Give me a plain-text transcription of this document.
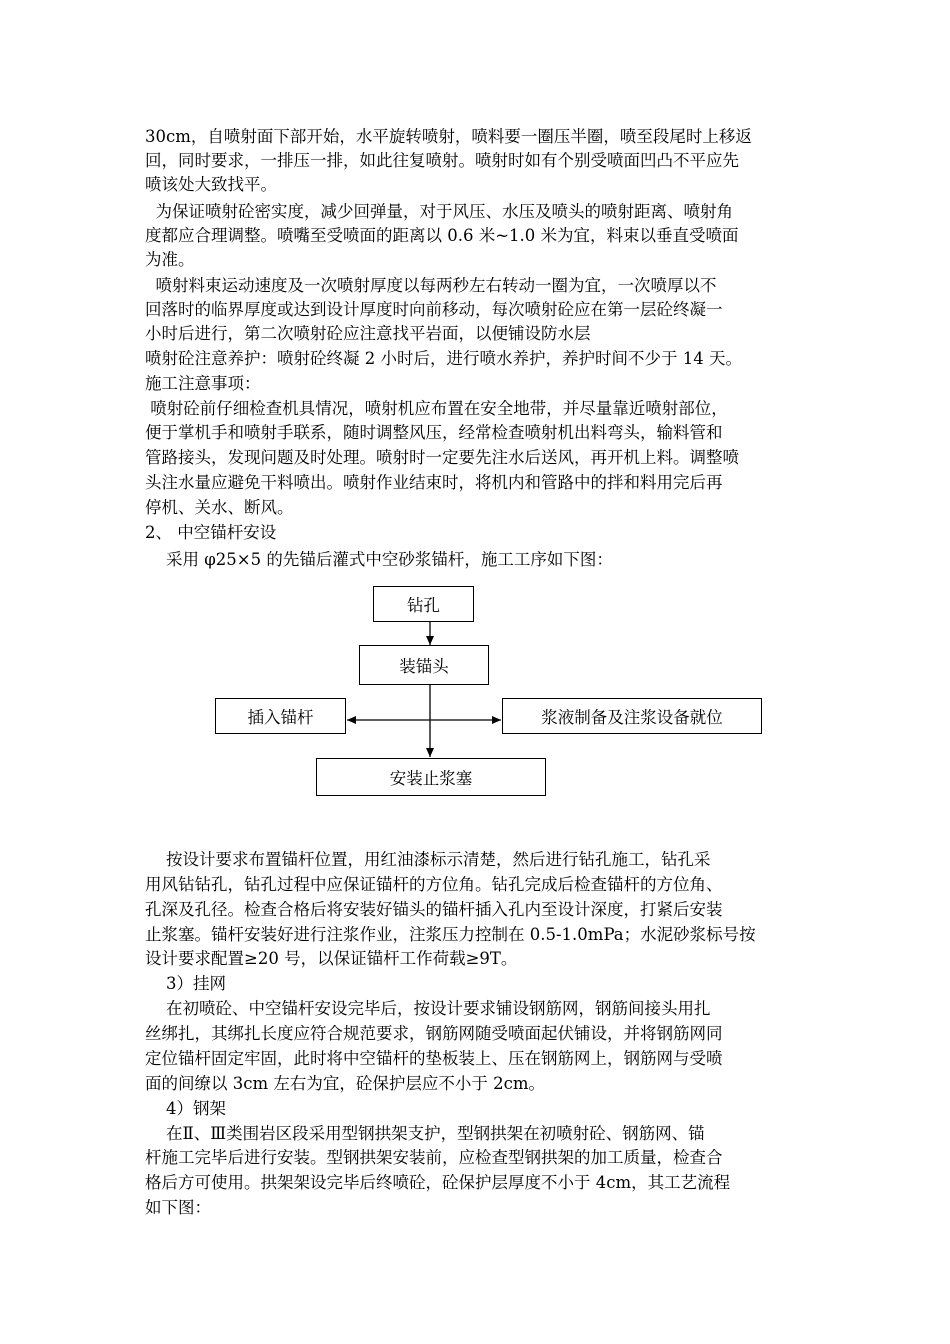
30cm，自喷射面下部开始，水平旋转喷射，喷料要一圈压半圈，喷至段尾时上移返
回，同时要求，一排压一排，如此往复喷射。喷射时如有个别受喷面凹凸不平应先
喷该处大致找平。
为保证喷射砼密实度，减少回弹量，对于风压、水压及喷头的喷射距离、喷射角
度都应合理调整。喷嘴至受喷面的距离以 0.6 米~1.0 米为宜，料束以垂直受喷面
为准。
喷射料束运动速度及一次喷射厚度以每两秒左右转动一圈为宜，一次喷厚以不
回落时的临界厚度或达到设计厚度时向前移动，每次喷射砼应在第一层砼终凝一
小时后进行，第二次喷射砼应注意找平岩面，以便铺设防水层
喷射砼注意养护：喷射砼终凝 2 小时后，进行喷水养护，养护时间不少于 14 天。
施工注意事项：
喷射砼前仔细检查机具情况，喷射机应布置在安全地带，并尽量靠近喷射部位，
便于掌机手和喷射手联系，随时调整风压，经常检查喷射机出料弯头，输料管和
管路接头，发现问题及时处理。喷射时一定要先注水后送风，再开机上料。调整喷
头注水量应避免干料喷出。喷射作业结束时，将机内和管路中的拌和料用完后再
停机、关水、断风。
2、 中空锚杆安设
采用 φ25×5 的先锚后灌式中空砂浆锚杆，施工工序如下图：
钻孔
装锚头
插入锚杆	浆液制备及注浆设备就位
安装止浆塞
按设计要求布置锚杆位置，用红油漆标示清楚，然后进行钻孔施工，钻孔采
用风钻钻孔，钻孔过程中应保证锚杆的方位角。钻孔完成后检查锚杆的方位角、
孔深及孔径。检查合格后将安装好锚头的锚杆插入孔内至设计深度，打紧后安装
止浆塞。锚杆安装好进行注浆作业，注浆压力控制在 0.5-1.0mPa；水泥砂浆标号按
设计要求配置≥20 号，以保证锚杆工作荷载≥9T。
3）挂网
在初喷砼、中空锚杆安设完毕后，按设计要求铺设钢筋网，钢筋间接头用扎
丝绑扎，其绑扎长度应符合规范要求，钢筋网随受喷面起伏铺设，并将钢筋网同
定位锚杆固定牢固，此时将中空锚杆的垫板装上、压在钢筋网上，钢筋网与受喷
面的间缭以 3cm 左右为宜，砼保护层应不小于 2cm。
4）钢架
在Ⅱ、Ⅲ类围岩区段采用型钢拱架支护，型钢拱架在初喷射砼、钢筋网、锚
杆施工完毕后进行安装。型钢拱架安装前，应检查型钢拱架的加工质量，检查合
格后方可使用。拱架架设完毕后终喷砼，砼保护层厚度不小于 4cm，其工艺流程
如下图：
